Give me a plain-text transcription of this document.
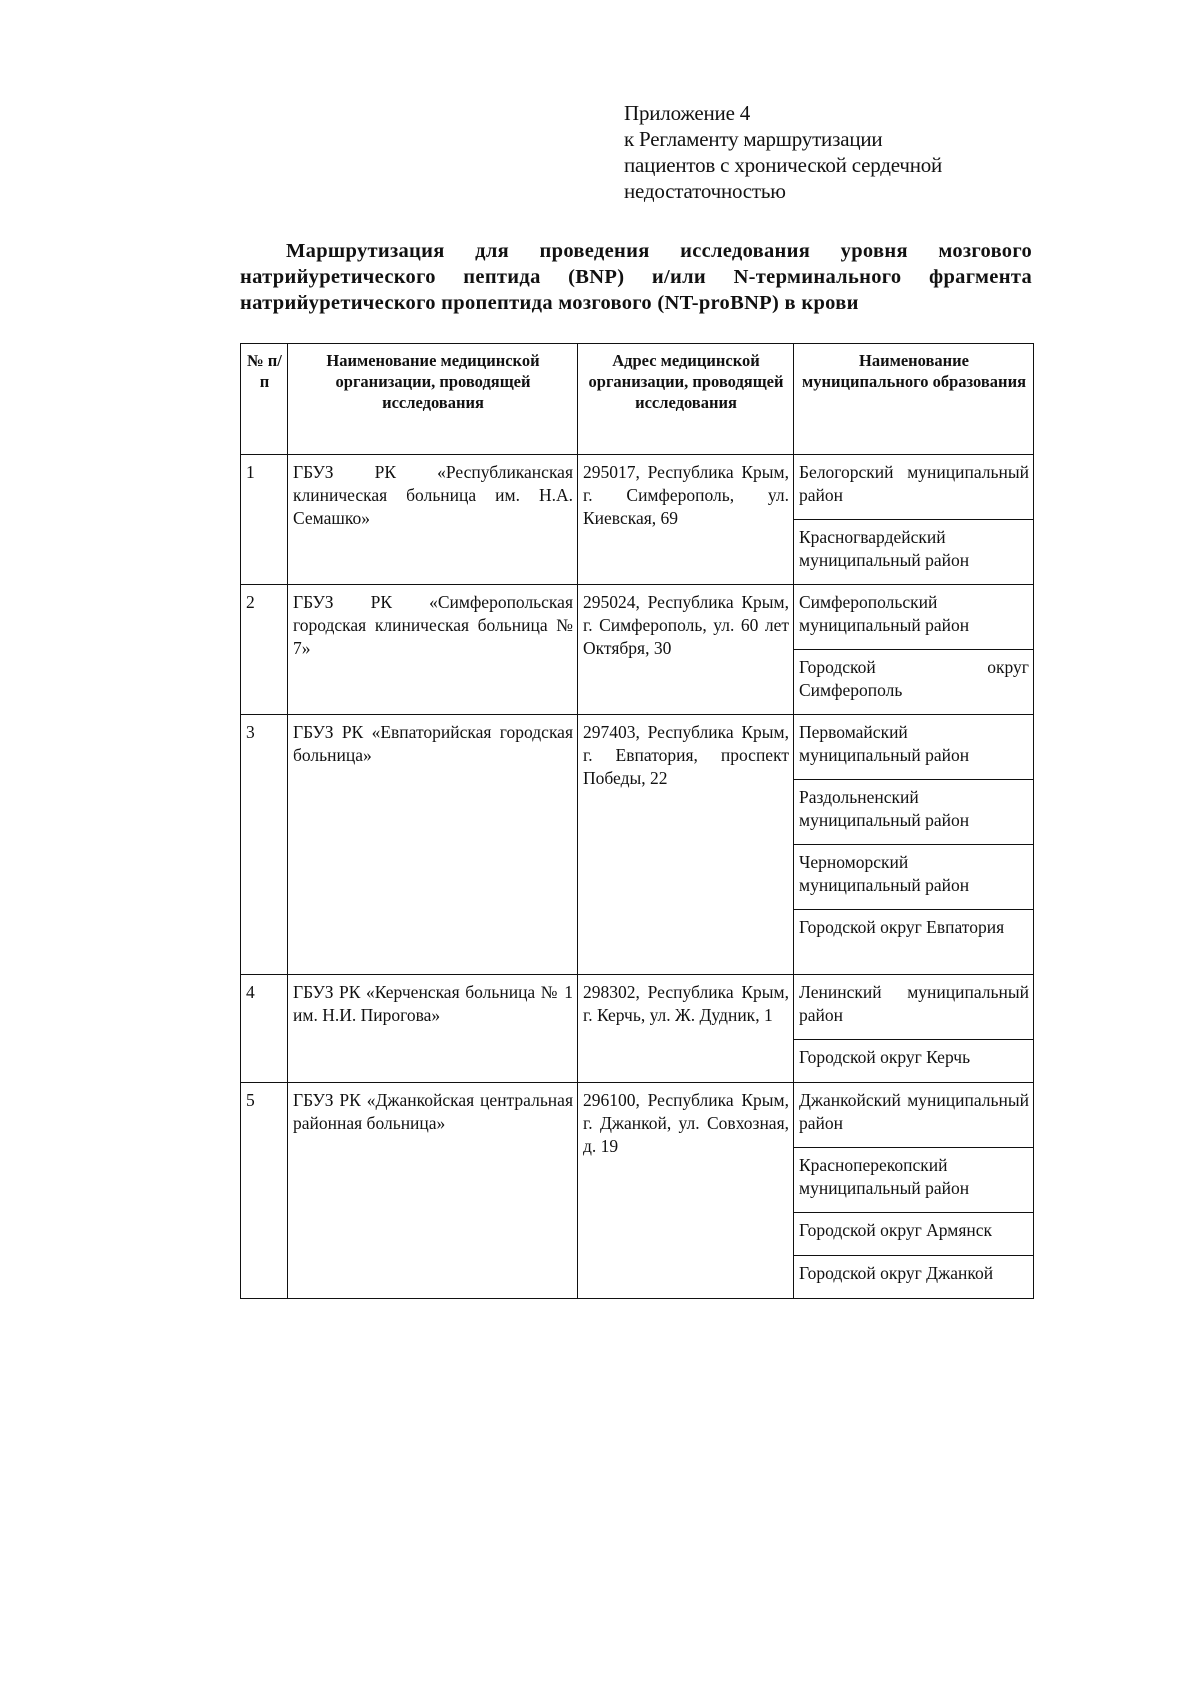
Приложение 4
к Регламенту маршрутизации
пациентов с хронической сердечной
недостаточностью
Маршрутизация для проведения исследования уровня мозгового натрийуретического пептида (BNP) и/или N-терминального фрагмента натрийуретического пропептида мозгового (NT-proBNP) в крови
№ п/п	Наименование медицинской организации, проводящей исследования	Адрес медицинской организации, проводящей исследования	Наименование муниципального образования
1	ГБУЗ РК «Республиканская клиническая больница им. Н.А. Семашко»	295017, Республика Крым, г. Симферополь, ул. Киевская, 69	Белогорский муниципальный район
			Красногвардейский муниципальный район
2	ГБУЗ РК «Симферопольская городская клиническая больница № 7»	295024, Республика Крым, г. Симферополь, ул. 60 лет Октября, 30	Симферопольский муниципальный район
			Городской округ Симферополь
3	ГБУЗ РК «Евпаторийская городская больница»	297403, Республика Крым, г. Евпатория, проспект Победы, 22	Первомайский муниципальный район
			Раздольненский муниципальный район
			Черноморский муниципальный район
			Городской округ Евпатория
4	ГБУЗ РК «Керченская больница № 1 им. Н.И. Пирогова»	298302, Республика Крым, г. Керчь, ул. Ж. Дудник, 1	Ленинский муниципальный район
			Городской округ Керчь
5	ГБУЗ РК «Джанкойская центральная районная больница»	296100, Республика Крым, г. Джанкой, ул. Совхозная, д. 19	Джанкойский муниципальный район
			Красноперекопский муниципальный район
			Городской округ Армянск
			Городской округ Джанкой
